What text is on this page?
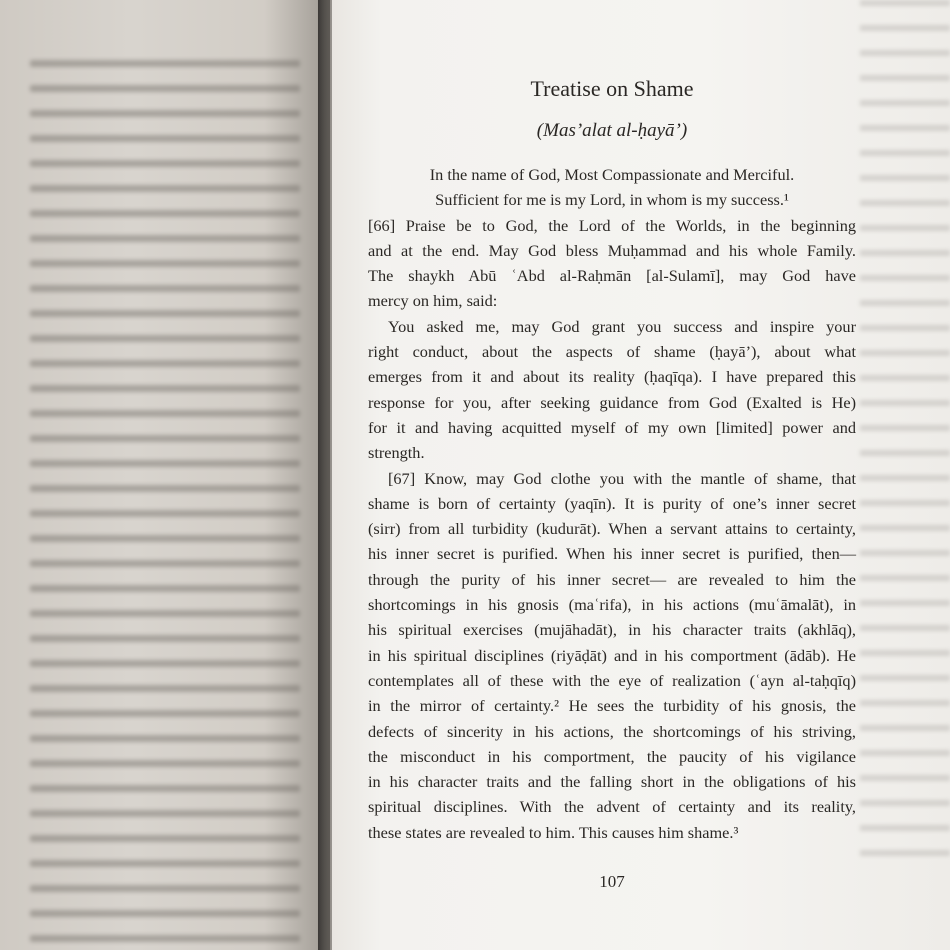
Treatise on Shame
(Mas’alat al-ḥayā’)
In the name of God, Most Compassionate and Merciful.
Sufficient for me is my Lord, in whom is my success.¹
[66] Praise be to God, the Lord of the Worlds, in the beginning
and at the end. May God bless Muḥammad and his whole Family.
The shaykh Abū ʿAbd al-Raḥmān [al-Sulamī], may God have
mercy on him, said:
You asked me, may God grant you success and inspire your
right conduct, about the aspects of shame (ḥayā’), about what
emerges from it and about its reality (ḥaqīqa). I have prepared this
response for you, after seeking guidance from God (Exalted is He)
for it and having acquitted myself of my own [limited] power and
strength.
[67] Know, may God clothe you with the mantle of shame, that
shame is born of certainty (yaqīn). It is purity of one’s inner secret
(sirr) from all turbidity (kudurāt). When a servant attains to certainty,
his inner secret is purified. When his inner secret is purified, then—
through the purity of his inner secret— are revealed to him the
shortcomings in his gnosis (maʿrifa), in his actions (muʿāmalāt), in
his spiritual exercises (mujāhadāt), in his character traits (akhlāq),
in his spiritual disciplines (riyāḍāt) and in his comportment (ādāb). He
contemplates all of these with the eye of realization (ʿayn al-taḥqīq)
in the mirror of certainty.² He sees the turbidity of his gnosis, the
defects of sincerity in his actions, the shortcomings of his striving,
the misconduct in his comportment, the paucity of his vigilance
in his character traits and the falling short in the obligations of his
spiritual disciplines. With the advent of certainty and its reality,
these states are revealed to him. This causes him shame.³
107
